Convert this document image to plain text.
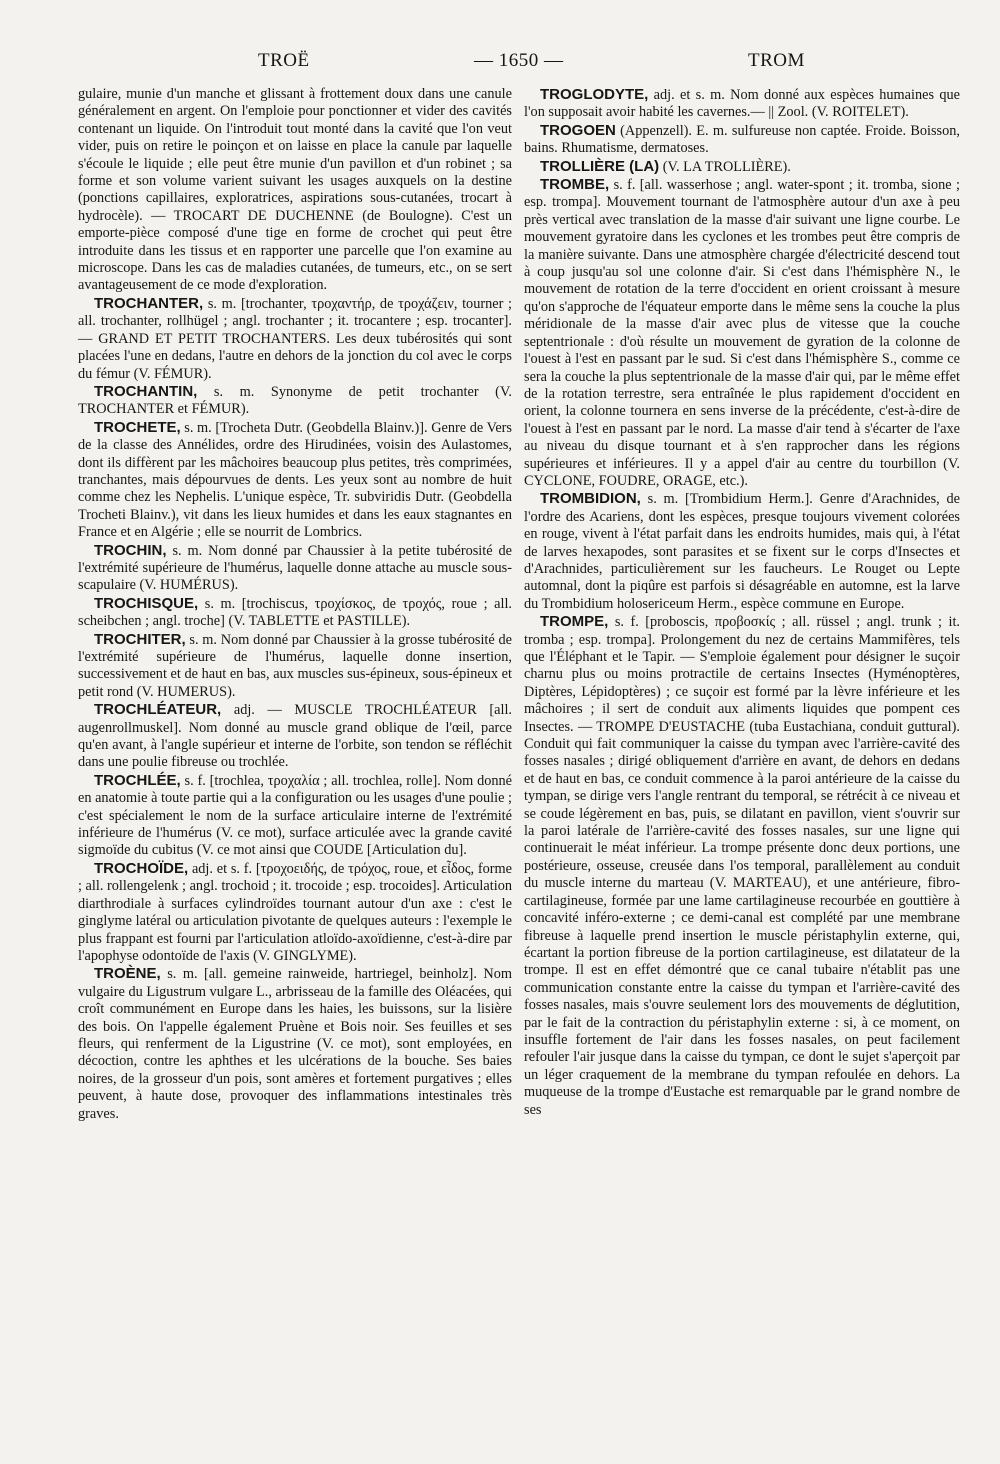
TROË	— 1650 —	TROM

gulaire, munie d'un manche et glissant à frottement doux dans une canule généralement en argent. On l'emploie pour ponctionner et vider des cavités contenant un liquide. On l'introduit tout monté dans la cavité que l'on veut vider, puis on retire le poinçon et on laisse en place la canule par laquelle s'écoule le liquide ; elle peut être munie d'un pavillon et d'un robinet ; sa forme et son volume varient suivant les usages auxquels on la destine (ponctions capillaires, exploratrices, aspirations sous-cutanées, trocart à hydrocèle). — TROCART DE DUCHENNE (de Boulogne). C'est un emporte-pièce composé d'une tige en forme de crochet qui peut être introduite dans les tissus et en rapporter une parcelle que l'on examine au microscope. Dans les cas de maladies cutanées, de tumeurs, etc., on se sert avantageusement de ce mode d'exploration.

TROCHANTER, s. m. [trochanter, τροχαντήρ, de τροχάζειν, tourner ; all. trochanter, rollhügel ; angl. trochanter ; it. trocantere ; esp. trocanter]. — GRAND ET PETIT TROCHANTERS. Les deux tubérosités qui sont placées l'une en dedans, l'autre en dehors de la jonction du col avec le corps du fémur (V. FÉMUR).

TROCHANTIN, s. m. Synonyme de petit trochanter (V. TROCHANTER et FÉMUR).

TROCHETE, s. m. [Trocheta Dutr. (Geobdella Blainv.)]. Genre de Vers de la classe des Annélides, ordre des Hirudinées, voisin des Aulastomes, dont ils diffèrent par les mâchoires beaucoup plus petites, très comprimées, tranchantes, mais dépourvues de dents. Les yeux sont au nombre de huit comme chez les Nephelis. L'unique espèce, Tr. subviridis Dutr. (Geobdella Trocheti Blainv.), vit dans les lieux humides et dans les eaux stagnantes en France et en Algérie ; elle se nourrit de Lombrics.

TROCHIN, s. m. Nom donné par Chaussier à la petite tubérosité de l'extrémité supérieure de l'humérus, laquelle donne attache au muscle sous-scapulaire (V. HUMÉRUS).

TROCHISQUE, s. m. [trochiscus, τροχίσκος, de τροχός, roue ; all. scheibchen ; angl. troche] (V. TABLETTE et PASTILLE).

TROCHITER, s. m. Nom donné par Chaussier à la grosse tubérosité de l'extrémité supérieure de l'humérus, laquelle donne insertion, successivement et de haut en bas, aux muscles sus-épineux, sous-épineux et petit rond (V. HUMERUS).

TROCHLÉATEUR, adj. — MUSCLE TROCHLÉATEUR [all. augenrollmuskel]. Nom donné au muscle grand oblique de l'œil, parce qu'en avant, à l'angle supérieur et interne de l'orbite, son tendon se réfléchit dans une poulie fibreuse ou trochlée.

TROCHLÉE, s. f. [trochlea, τροχαλία ; all. trochlea, rolle]. Nom donné en anatomie à toute partie qui a la configuration ou les usages d'une poulie ; c'est spécialement le nom de la surface articulaire interne de l'extrémité inférieure de l'humérus (V. ce mot), surface articulée avec la grande cavité sigmoïde du cubitus (V. ce mot ainsi que COUDE [Articulation du].

TROCHOÏDE, adj. et s. f. [τροχοειδής, de τρόχος, roue, et εἶδος, forme ; all. rollengelenk ; angl. trochoid ; it. trocoide ; esp. trocoides]. Articulation diarthrodiale à surfaces cylindroïdes tournant autour d'un axe : c'est le ginglyme latéral ou articulation pivotante de quelques auteurs : l'exemple le plus frappant est fourni par l'articulation atloïdo-axoïdienne, c'est-à-dire par l'apophyse odontoïde de l'axis (V. GINGLYME).

TROÈNE, s. m. [all. gemeine rainweide, hartriegel, beinholz]. Nom vulgaire du Ligustrum vulgare L., arbrisseau de la famille des Oléacées, qui croît communément en Europe dans les haies, les buissons, sur la lisière des bois. On l'appelle également Pruène et Bois noir. Ses feuilles et ses fleurs, qui renferment de la Ligustrine (V. ce mot), sont employées, en décoction, contre les aphthes et les ulcérations de la bouche. Ses baies noires, de la grosseur d'un pois, sont amères et fortement purgatives ; elles peuvent, à haute dose, provoquer des inflammations intestinales très graves.

TROGLODYTE, adj. et s. m. Nom donné aux espèces humaines que l'on supposait avoir habité les cavernes.— || Zool. (V. ROITELET).

TROGOEN (Appenzell). E. m. sulfureuse non captée. Froide. Boisson, bains. Rhumatisme, dermatoses.

TROLLIÈRE (LA) (V. LA TROLLIÈRE).

TROMBE, s. f. [all. wasserhose ; angl. water-spont ; it. tromba, sione ; esp. trompa]. Mouvement tournant de l'atmosphère autour d'un axe à peu près vertical avec translation de la masse d'air suivant une ligne courbe. Le mouvement gyratoire dans les cyclones et les trombes peut être compris de la manière suivante. Dans une atmosphère chargée d'électricité descend tout à coup jusqu'au sol une colonne d'air. Si c'est dans l'hémisphère N., le mouvement de rotation de la terre d'occident en orient croissant à mesure qu'on s'approche de l'équateur emporte dans le même sens la couche la plus méridionale de la masse d'air avec plus de vitesse que la couche septentrionale : d'où résulte un mouvement de gyration de la colonne de l'ouest à l'est en passant par le sud. Si c'est dans l'hémisphère S., comme ce sera la couche la plus septentrionale de la masse d'air qui, par le même effet de la rotation terrestre, sera entraînée le plus rapidement d'occident en orient, la colonne tournera en sens inverse de la précédente, c'est-à-dire de l'ouest à l'est en passant par le nord. La masse d'air tend à s'écarter de l'axe au niveau du disque tournant et à s'en rapprocher dans les régions supérieures et inférieures. Il y a appel d'air au centre du tourbillon (V. CYCLONE, FOUDRE, ORAGE, etc.).

TROMBIDION, s. m. [Trombidium Herm.]. Genre d'Arachnides, de l'ordre des Acariens, dont les espèces, presque toujours vivement colorées en rouge, vivent à l'état parfait dans les endroits humides, mais qui, à l'état de larves hexapodes, sont parasites et se fixent sur le corps d'Insectes et d'Arachnides, particulièrement sur les faucheurs. Le Rouget ou Lepte automnal, dont la piqûre est parfois si désagréable en automne, est la larve du Trombidium holosericeum Herm., espèce commune en Europe.

TROMPE, s. f. [proboscis, προβοσκίς ; all. rüssel ; angl. trunk ; it. tromba ; esp. trompa]. Prolongement du nez de certains Mammifères, tels que l'Éléphant et le Tapir. — S'emploie également pour désigner le suçoir charnu plus ou moins protractile de certains Insectes (Hyménoptères, Diptères, Lépidoptères) ; ce suçoir est formé par la lèvre inférieure et les mâchoires ; il sert de conduit aux aliments liquides que pompent ces Insectes. — TROMPE D'EUSTACHE (tuba Eustachiana, conduit guttural). Conduit qui fait communiquer la caisse du tympan avec l'arrière-cavité des fosses nasales ; dirigé obliquement d'arrière en avant, de dehors en dedans et de haut en bas, ce conduit commence à la paroi antérieure de la caisse du tympan, se dirige vers l'angle rentrant du temporal, se rétrécit à ce niveau et se coude légèrement en bas, puis, se dilatant en pavillon, vient s'ouvrir sur la paroi latérale de l'arrière-cavité des fosses nasales, sur une ligne qui continuerait le méat inférieur. La trompe présente donc deux portions, une postérieure, osseuse, creusée dans l'os temporal, parallèlement au conduit du muscle interne du marteau (V. MARTEAU), et une antérieure, fibro-cartilagineuse, formée par une lame cartilagineuse recourbée en gouttière à concavité inféro-externe ; ce demi-canal est complété par une membrane fibreuse à laquelle prend insertion le muscle péristaphylin externe, qui, écartant la portion fibreuse de la portion cartilagineuse, est dilatateur de la trompe. Il est en effet démontré que ce canal tubaire n'établit pas une communication constante entre la caisse du tympan et l'arrière-cavité des fosses nasales, mais s'ouvre seulement lors des mouvements de déglutition, par le fait de la contraction du péristaphylin externe : si, à ce moment, on insuffle fortement de l'air dans les fosses nasales, on peut facilement refouler l'air jusque dans la caisse du tympan, ce dont le sujet s'aperçoit par un léger craquement de la membrane du tympan refoulée en dehors. La muqueuse de la trompe d'Eustache est remarquable par le grand nombre de ses
